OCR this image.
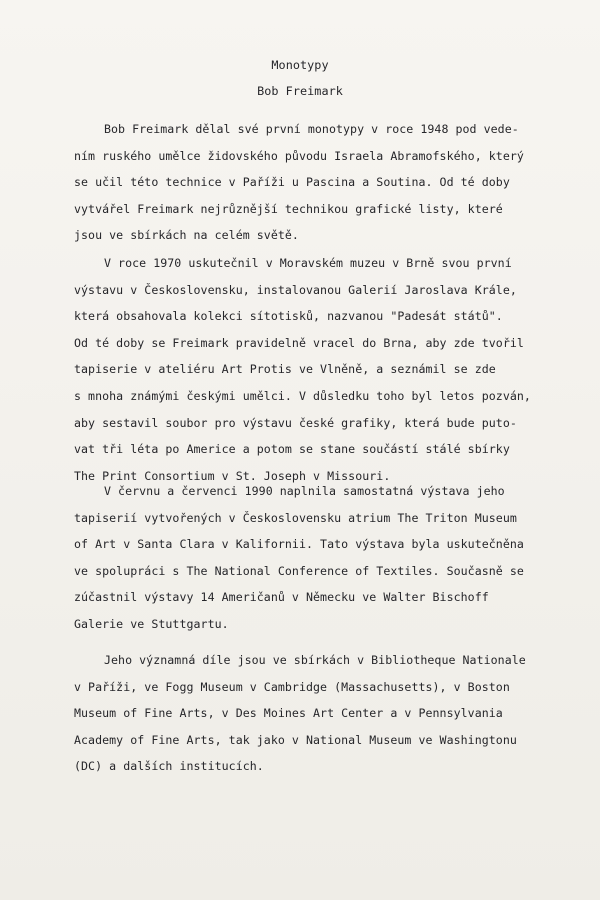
Monotypy
Bob Freimark
Bob Freimark dělal své první monotypy v roce 1948 pod vede-
ním ruského umělce židovského původu Israela Abramofského, který
se učil této technice v Paříži u Pascina a Soutina. Od té doby
vytvářel Freimark nejrůznější technikou grafické listy, které
jsou ve sbírkách na celém světě.
V roce 1970 uskutečnil v Moravském muzeu v Brně svou první
výstavu v Československu, instalovanou Galerií Jaroslava Krále,
která obsahovala kolekci sítotisků, nazvanou "Padesát států".
Od té doby se Freimark pravidelně vracel do Brna, aby zde tvořil
tapiserie v ateliéru Art Protis ve Vlněně, a seznámil se zde
s mnoha známými českými umělci. V důsledku toho byl letos pozván,
aby sestavil soubor pro výstavu české grafiky, která bude puto-
vat tři léta po Americe a potom se stane součástí stálé sbírky
The Print Consortium v St. Joseph v Missouri.
V červnu a červenci 1990 naplnila samostatná výstava jeho
tapiserií vytvořených v Československu atrium The Triton Museum
of Art v Santa Clara v Kalifornii. Tato výstava byla uskutečněna
ve spolupráci s The National Conference of Textiles. Současně se
zúčastnil výstavy 14 Američanů v Německu ve Walter Bischoff
Galerie ve Stuttgartu.
Jeho významná díle jsou ve sbírkách v Bibliotheque Nationale
v Paříži, ve Fogg Museum v Cambridge (Massachusetts), v Boston
Museum of Fine Arts, v Des Moines Art Center a v Pennsylvania
Academy of Fine Arts, tak jako v National Museum ve Washingtonu
(DC) a dalších institucích.
